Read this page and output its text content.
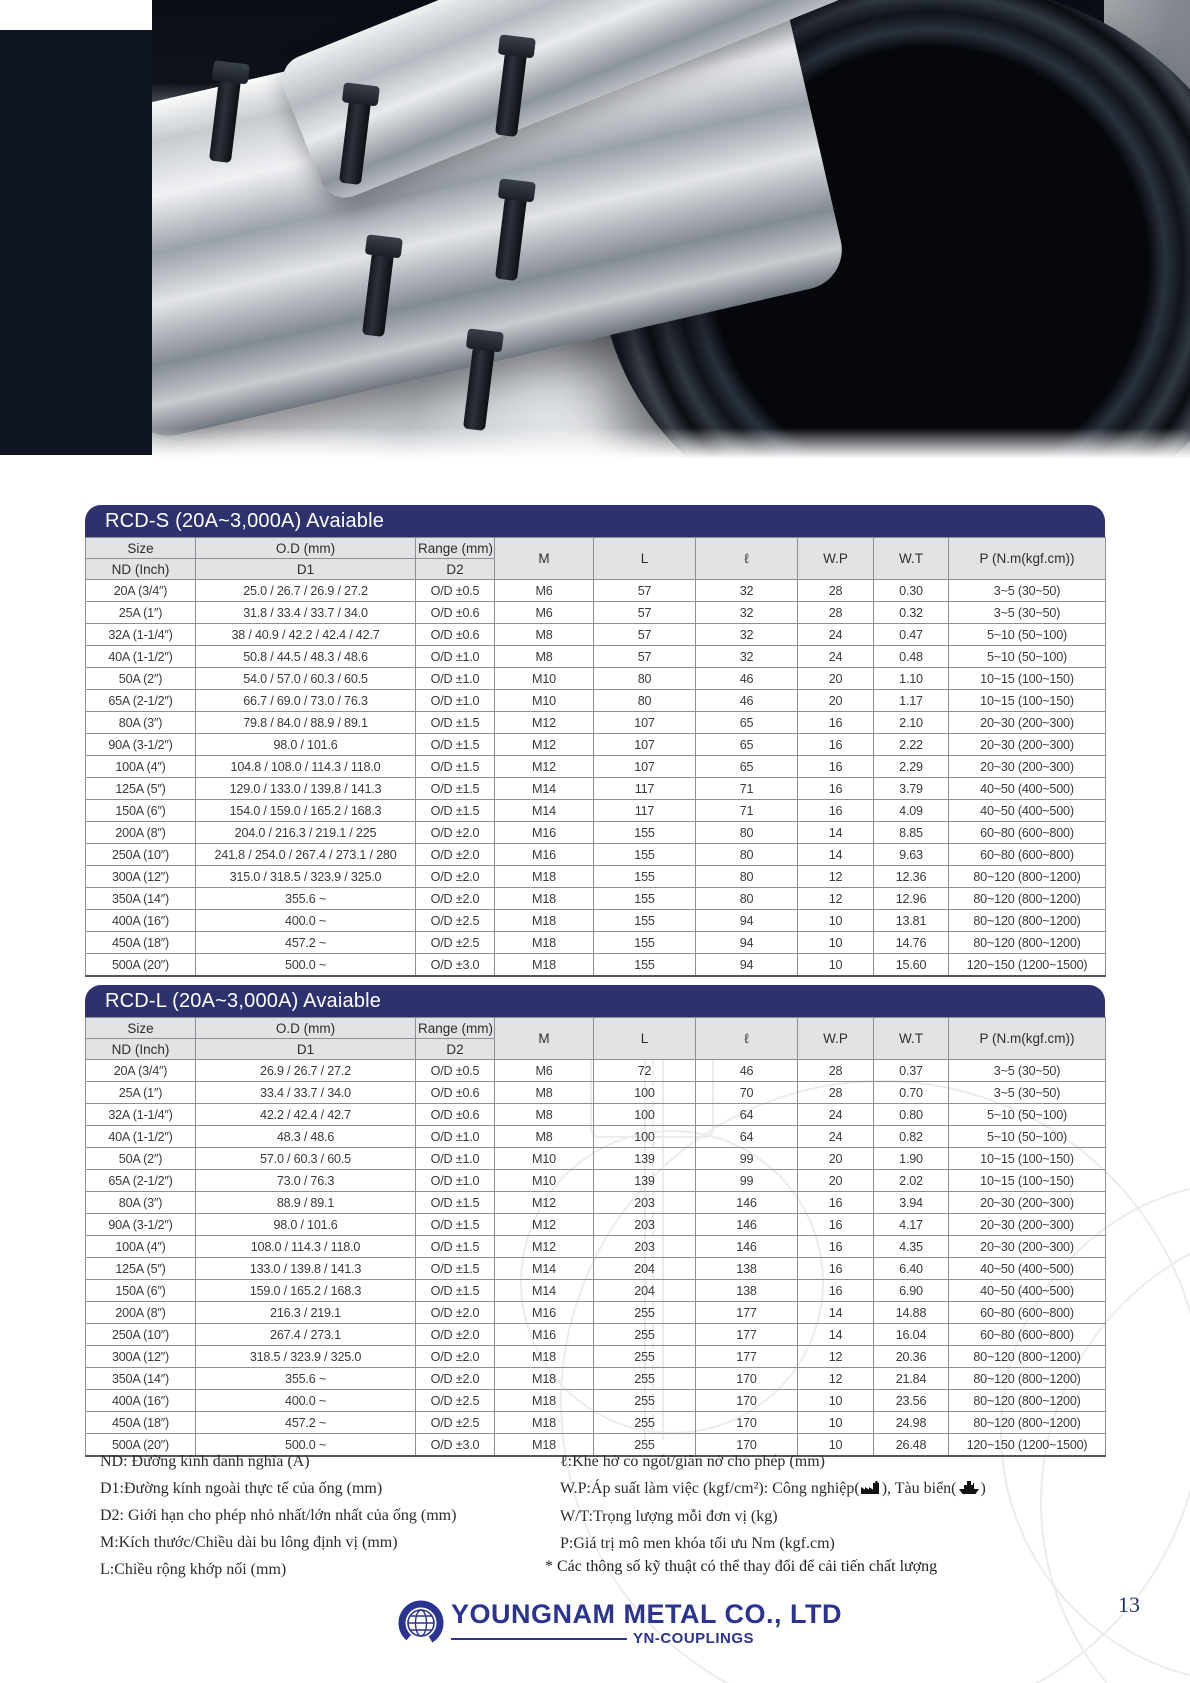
RCD-S (20A~3,000A) Avaiable
Size	O.D (mm)	Range (mm)	M	L	ℓ	W.P	W.T	P (N.m(kgf.cm))
ND (Inch)	D1	D2						
20A (3/4″)	25.0 / 26.7 / 26.9 / 27.2	O/D ±0.5	M6	57	32	28	0.30	3~5 (30~50)
25A (1″)	31.8 / 33.4 / 33.7 / 34.0	O/D ±0.6	M6	57	32	28	0.32	3~5 (30~50)
32A (1-1/4″)	38 / 40.9 / 42.2 / 42.4 / 42.7	O/D ±0.6	M8	57	32	24	0.47	5~10 (50~100)
40A (1-1/2″)	50.8 / 44.5 / 48.3 / 48.6	O/D ±1.0	M8	57	32	24	0.48	5~10 (50~100)
50A (2″)	54.0 / 57.0 / 60.3 / 60.5	O/D ±1.0	M10	80	46	20	1.10	10~15 (100~150)
65A (2-1/2″)	66.7 / 69.0 / 73.0 / 76.3	O/D ±1.0	M10	80	46	20	1.17	10~15 (100~150)
80A (3″)	79.8 / 84.0 / 88.9 / 89.1	O/D ±1.5	M12	107	65	16	2.10	20~30 (200~300)
90A (3-1/2″)	98.0 / 101.6	O/D ±1.5	M12	107	65	16	2.22	20~30 (200~300)
100A (4″)	104.8 / 108.0 / 114.3 / 118.0	O/D ±1.5	M12	107	65	16	2.29	20~30 (200~300)
125A (5″)	129.0 / 133.0 / 139.8 / 141.3	O/D ±1.5	M14	117	71	16	3.79	40~50 (400~500)
150A (6″)	154.0 / 159.0 / 165.2 / 168.3	O/D ±1.5	M14	117	71	16	4.09	40~50 (400~500)
200A (8″)	204.0 / 216.3 / 219.1 / 225	O/D ±2.0	M16	155	80	14	8.85	60~80 (600~800)
250A (10″)	241.8 / 254.0 / 267.4 / 273.1 / 280	O/D ±2.0	M16	155	80	14	9.63	60~80 (600~800)
300A (12″)	315.0 / 318.5 / 323.9 / 325.0	O/D ±2.0	M18	155	80	12	12.36	80~120 (800~1200)
350A (14″)	355.6 ~	O/D ±2.0	M18	155	80	12	12.96	80~120 (800~1200)
400A (16″)	400.0 ~	O/D ±2.5	M18	155	94	10	13.81	80~120 (800~1200)
450A (18″)	457.2 ~	O/D ±2.5	M18	155	94	10	14.76	80~120 (800~1200)
500A (20″)	500.0 ~	O/D ±3.0	M18	155	94	10	15.60	120~150 (1200~1500)
RCD-L (20A~3,000A) Avaiable
Size	O.D (mm)	Range (mm)	M	L	ℓ	W.P	W.T	P (N.m(kgf.cm))
ND (Inch)	D1	D2						
20A (3/4″)	26.9 / 26.7 / 27.2	O/D ±0.5	M6	72	46	28	0.37	3~5 (30~50)
25A (1″)	33.4 / 33.7 / 34.0	O/D ±0.6	M8	100	70	28	0.70	3~5 (30~50)
32A (1-1/4″)	42.2 / 42.4 / 42.7	O/D ±0.6	M8	100	64	24	0.80	5~10 (50~100)
40A (1-1/2″)	48.3 / 48.6	O/D ±1.0	M8	100	64	24	0.82	5~10 (50~100)
50A (2″)	57.0 / 60.3 / 60.5	O/D ±1.0	M10	139	99	20	1.90	10~15 (100~150)
65A (2-1/2″)	73.0 / 76.3	O/D ±1.0	M10	139	99	20	2.02	10~15 (100~150)
80A (3″)	88.9 / 89.1	O/D ±1.5	M12	203	146	16	3.94	20~30 (200~300)
90A (3-1/2″)	98.0 / 101.6	O/D ±1.5	M12	203	146	16	4.17	20~30 (200~300)
100A (4″)	108.0 / 114.3 / 118.0	O/D ±1.5	M12	203	146	16	4.35	20~30 (200~300)
125A (5″)	133.0 / 139.8 / 141.3	O/D ±1.5	M14	204	138	16	6.40	40~50 (400~500)
150A (6″)	159.0 / 165.2 / 168.3	O/D ±1.5	M14	204	138	16	6.90	40~50 (400~500)
200A (8″)	216.3 / 219.1	O/D ±2.0	M16	255	177	14	14.88	60~80 (600~800)
250A (10″)	267.4 / 273.1	O/D ±2.0	M16	255	177	14	16.04	60~80 (600~800)
300A (12″)	318.5 / 323.9 / 325.0	O/D ±2.0	M18	255	177	12	20.36	80~120 (800~1200)
350A (14″)	355.6 ~	O/D ±2.0	M18	255	170	12	21.84	80~120 (800~1200)
400A (16″)	400.0 ~	O/D ±2.5	M18	255	170	10	23.56	80~120 (800~1200)
450A (18″)	457.2 ~	O/D ±2.5	M18	255	170	10	24.98	80~120 (800~1200)
500A (20″)	500.0 ~	O/D ±3.0	M18	255	170	10	26.48	120~150 (1200~1500)
ND: Đường kính danh nghĩa (A)
D1:Đường kính ngoài thực tế của ống (mm)
D2: Giới hạn cho phép nhỏ nhất/lớn nhất của ống (mm)
M:Kích thước/Chiều dài bu lông định vị (mm)
L:Chiều rộng khớp nối (mm)
ℓ:Khe hở co ngót/giãn nở cho phép (mm)
W.P:Áp suất làm việc (kgf/cm²): Công nghiệp( ), Tàu biển( )
W/T:Trọng lượng mỗi đơn vị (kg)
P:Giá trị mô men khóa tối ưu Nm (kgf.cm)
* Các thông số kỹ thuật có thể thay đổi để cải tiến chất lượng
YOUNGNAM METAL CO., LTD
YN-COUPLINGS
13
